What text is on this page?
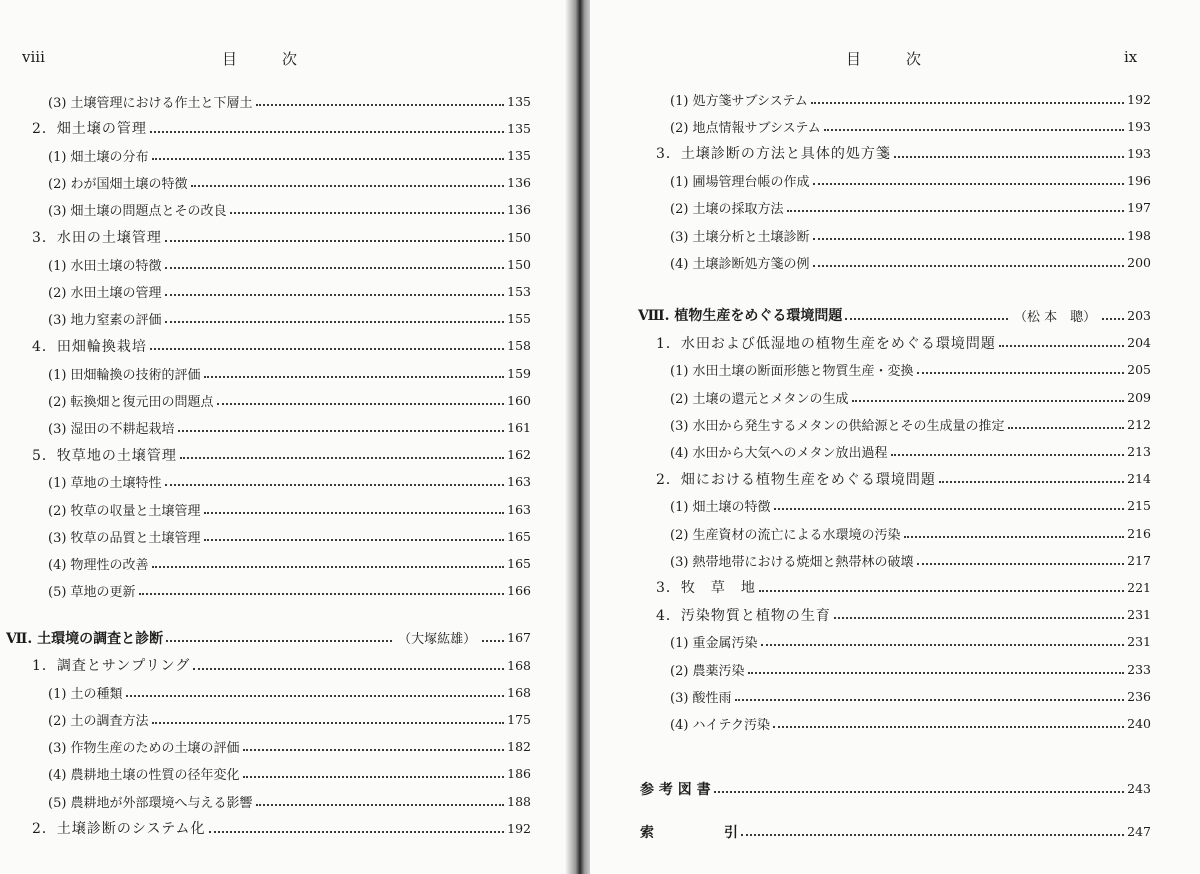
viii	目　　　次
(3) 土壌管理における作土と下層土	135
2．畑土壌の管理	135
(1) 畑土壌の分布	135
(2) わが国畑土壌の特徴	136
(3) 畑土壌の問題点とその改良	136
3．水田の土壌管理	150
(1) 水田土壌の特徴	150
(2) 水田土壌の管理	153
(3) 地力窒素の評価	155
4．田畑輪換栽培	158
(1) 田畑輪換の技術的評価	159
(2) 転換畑と復元田の問題点	160
(3) 湿田の不耕起栽培	161
5．牧草地の土壌管理	162
(1) 草地の土壌特性	163
(2) 牧草の収量と土壌管理	163
(3) 牧草の品質と土壌管理	165
(4) 物理性の改善	165
(5) 草地の更新	166
Ⅶ. 土環境の調査と診断	（大塚紘雄） 167
1．調査とサンプリング	168
(1) 土の種類	168
(2) 土の調査方法	175
(3) 作物生産のための土壌の評価	182
(4) 農耕地土壌の性質の径年変化	186
(5) 農耕地が外部環境へ与える影響	188
2．土壌診断のシステム化	192
目　　　次	ix
(1) 処方箋サブシステム	192
(2) 地点情報サブシステム	193
3．土壌診断の方法と具体的処方箋	193
(1) 圃場管理台帳の作成	196
(2) 土壌の採取方法	197
(3) 土壌分析と土壌診断	198
(4) 土壌診断処方箋の例	200
Ⅷ. 植物生産をめぐる環境問題	（松 本　聰） 203
1．水田および低湿地の植物生産をめぐる環境問題	204
(1) 水田土壌の断面形態と物質生産・変換	205
(2) 土壌の還元とメタンの生成	209
(3) 水田から発生するメタンの供給源とその生成量の推定	212
(4) 水田から大気へのメタン放出過程	213
2．畑における植物生産をめぐる環境問題	214
(1) 畑土壌の特徴	215
(2) 生産資材の流亡による水環境の汚染	216
(3) 熱帯地帯における焼畑と熱帯林の破壊	217
3．牧　草　地	221
4．汚染物質と植物の生育	231
(1) 重金属汚染	231
(2) 農薬汚染	233
(3) 酸性雨	236
(4) ハイテク汚染	240
参 考 図 書	243
索　　　　　引	247
